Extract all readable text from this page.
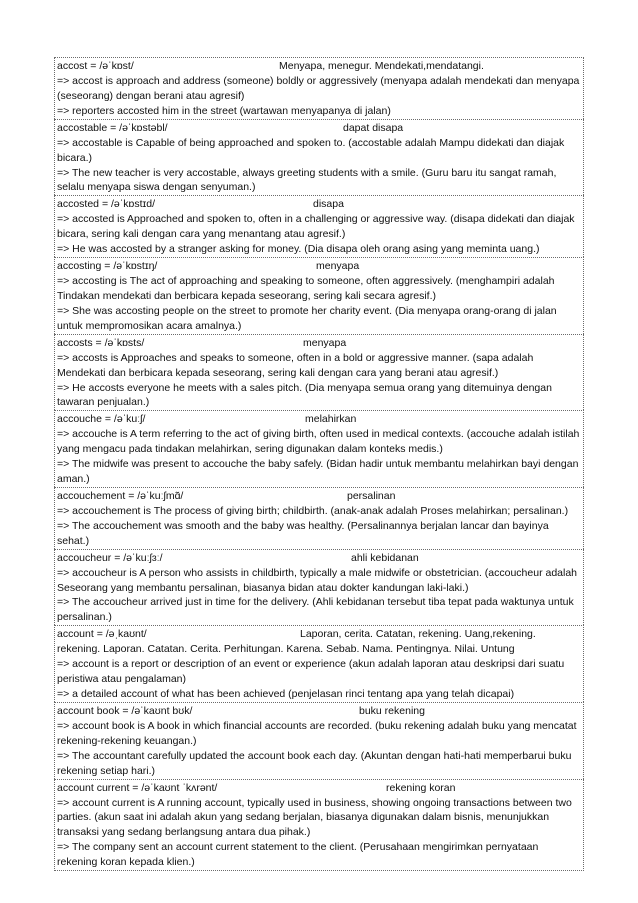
accost = /əˈkɒst/	Menyapa, menegur. Mendekati,mendatangi.
=> accost is approach and address (someone) boldly or aggressively (menyapa adalah mendekati dan menyapa (seseorang) dengan berani atau agresif)
=> reporters accosted him in the street (wartawan menyapanya di jalan)
accostable = /əˈkɒstəbl/	dapat disapa
=> accostable is Capable of being approached and spoken to. (accostable adalah Mampu didekati dan diajak bicara.)
=> The new teacher is very accostable, always greeting students with a smile. (Guru baru itu sangat ramah, selalu menyapa siswa dengan senyuman.)
accosted = /əˈkɒstɪd/	disapa
=> accosted is Approached and spoken to, often in a challenging or aggressive way. (disapa didekati dan diajak bicara, sering kali dengan cara yang menantang atau agresif.)
=> He was accosted by a stranger asking for money. (Dia disapa oleh orang asing yang meminta uang.)
accosting = /əˈkɒstɪŋ/	menyapa
=> accosting is The act of approaching and speaking to someone, often aggressively. (menghampiri adalah Tindakan mendekati dan berbicara kepada seseorang, sering kali secara agresif.)
=> She was accosting people on the street to promote her charity event. (Dia menyapa orang-orang di jalan untuk mempromosikan acara amalnya.)
accosts = /əˈkɒsts/	menyapa
=> accosts is Approaches and speaks to someone, often in a bold or aggressive manner. (sapa adalah Mendekati dan berbicara kepada seseorang, sering kali dengan cara yang berani atau agresif.)
=> He accosts everyone he meets with a sales pitch. (Dia menyapa semua orang yang ditemuinya dengan tawaran penjualan.)
accouche = /əˈkuːʃ/	melahirkan
=> accouche is A term referring to the act of giving birth, often used in medical contexts. (accouche adalah istilah yang mengacu pada tindakan melahirkan, sering digunakan dalam konteks medis.)
=> The midwife was present to accouche the baby safely. (Bidan hadir untuk membantu melahirkan bayi dengan aman.)
accouchement = /əˈkuːʃmɑ̃/	persalinan
=> accouchement is The process of giving birth; childbirth. (anak-anak adalah Proses melahirkan; persalinan.)
=> The accouchement was smooth and the baby was healthy. (Persalinannya berjalan lancar dan bayinya sehat.)
accoucheur = /əˈkuːʃɜː/	ahli kebidanan
=> accoucheur is A person who assists in childbirth, typically a male midwife or obstetrician. (accoucheur adalah Seseorang yang membantu persalinan, biasanya bidan atau dokter kandungan laki-laki.)
=> The accoucheur arrived just in time for the delivery. (Ahli kebidanan tersebut tiba tepat pada waktunya untuk persalinan.)
account = /əˌkaʊnt/	Laporan, cerita. Catatan, rekening. Uang,rekening.
rekening. Laporan. Catatan. Cerita. Perhitungan. Karena. Sebab. Nama. Pentingnya. Nilai. Untung
=> account is a report or description of an event or experience (akun adalah laporan atau deskripsi dari suatu peristiwa atau pengalaman)
=> a detailed account of what has been achieved (penjelasan rinci tentang apa yang telah dicapai)
account book = /əˈkaʊnt bʊk/	buku rekening
=> account book is A book in which financial accounts are recorded. (buku rekening adalah buku yang mencatat rekening-rekening keuangan.)
=> The accountant carefully updated the account book each day. (Akuntan dengan hati-hati memperbarui buku rekening setiap hari.)
account current = /əˈkaʊnt ˈkʌrənt/	rekening koran
=> account current is A running account, typically used in business, showing ongoing transactions between two parties. (akun saat ini adalah akun yang sedang berjalan, biasanya digunakan dalam bisnis, menunjukkan transaksi yang sedang berlangsung antara dua pihak.)
=> The company sent an account current statement to the client. (Perusahaan mengirimkan pernyataan rekening koran kepada klien.)
